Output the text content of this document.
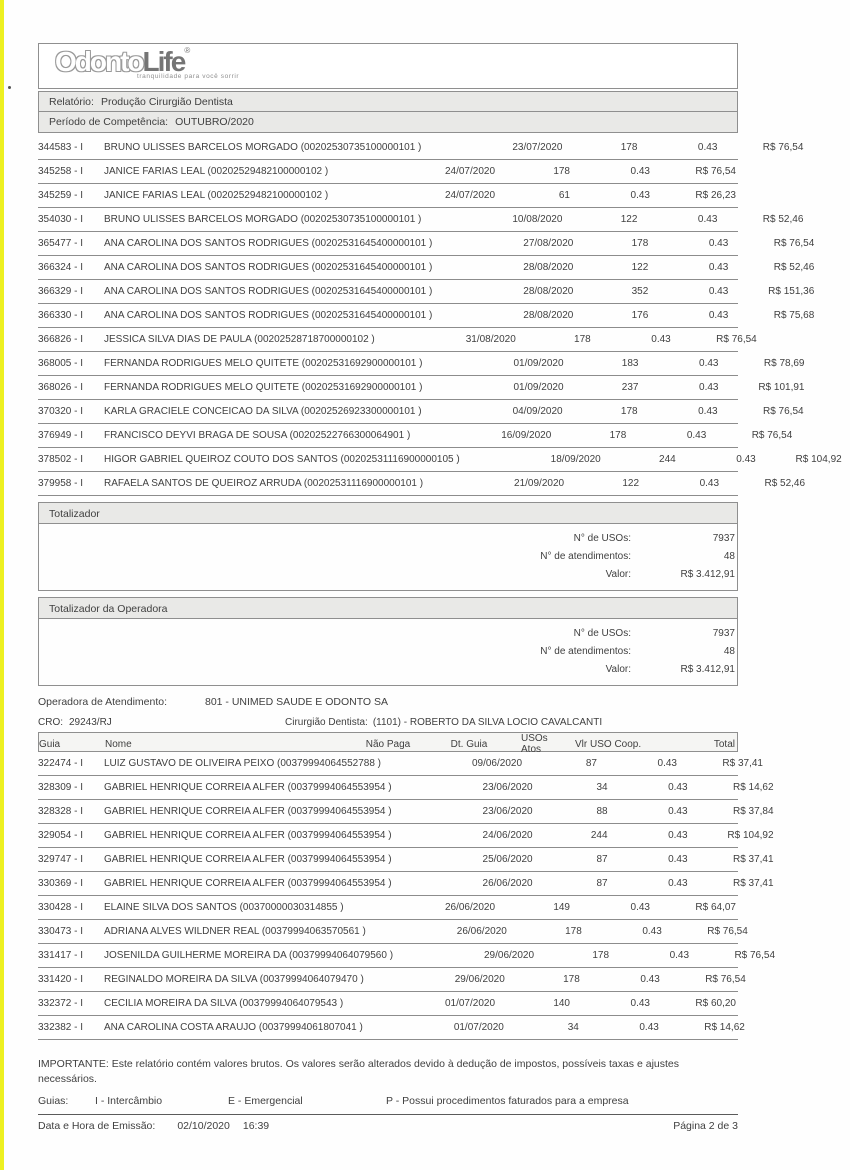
OdontoLife®
tranquilidade para você sorrir
Relatório: Produção Cirurgião Dentista
Período de Competência: OUTUBRO/2020
344583 - I	BRUNO ULISSES BARCELOS MORGADO (00202530735100000101 )	23/07/2020	178	0.43	R$ 76,54
345258 - I	JANICE FARIAS LEAL (00202529482100000102 )	24/07/2020	178	0.43	R$ 76,54
345259 - I	JANICE FARIAS LEAL (00202529482100000102 )	24/07/2020	61	0.43	R$ 26,23
354030 - I	BRUNO ULISSES BARCELOS MORGADO (00202530735100000101 )	10/08/2020	122	0.43	R$ 52,46
365477 - I	ANA CAROLINA DOS SANTOS RODRIGUES (00202531645400000101 )	27/08/2020	178	0.43	R$ 76,54
366324 - I	ANA CAROLINA DOS SANTOS RODRIGUES (00202531645400000101 )	28/08/2020	122	0.43	R$ 52,46
366329 - I	ANA CAROLINA DOS SANTOS RODRIGUES (00202531645400000101 )	28/08/2020	352	0.43	R$ 151,36
366330 - I	ANA CAROLINA DOS SANTOS RODRIGUES (00202531645400000101 )	28/08/2020	176	0.43	R$ 75,68
366826 - I	JESSICA SILVA DIAS DE PAULA (00202528718700000102 )	31/08/2020	178	0.43	R$ 76,54
368005 - I	FERNANDA RODRIGUES MELO QUITETE (00202531692900000101 )	01/09/2020	183	0.43	R$ 78,69
368026 - I	FERNANDA RODRIGUES MELO QUITETE (00202531692900000101 )	01/09/2020	237	0.43	R$ 101,91
370320 - I	KARLA GRACIELE CONCEICAO DA SILVA (00202526923300000101 )	04/09/2020	178	0.43	R$ 76,54
376949 - I	FRANCISCO DEYVI BRAGA DE SOUSA (00202522766300064901 )	16/09/2020	178	0.43	R$ 76,54
378502 - I	HIGOR GABRIEL QUEIROZ COUTO DOS SANTOS (00202531116900000105 )	18/09/2020	244	0.43	R$ 104,92
379958 - I	RAFAELA SANTOS DE QUEIROZ ARRUDA (00202531116900000101 )	21/09/2020	122	0.43	R$ 52,46
Totalizador
N° de USOs:	7937
N° de atendimentos:	48
Valor:	R$ 3.412,91
Totalizador da Operadora
N° de USOs:	7937
N° de atendimentos:	48
Valor:	R$ 3.412,91
Operadora de Atendimento:	801 - UNIMED SAUDE E ODONTO SA
CRO: 29243/RJ	Cirurgião Dentista: (1101) - ROBERTO DA SILVA LOCIO CAVALCANTI
Guia	Nome	Não Paga	Dt. Guia	USOs Atos	Vlr USO Coop.	Total
322474 - I	LUIZ GUSTAVO DE OLIVEIRA PEIXO (00379994064552788 )	09/06/2020	87	0.43	R$ 37,41
328309 - I	GABRIEL HENRIQUE CORREIA ALFER (00379994064553954 )	23/06/2020	34	0.43	R$ 14,62
328328 - I	GABRIEL HENRIQUE CORREIA ALFER (00379994064553954 )	23/06/2020	88	0.43	R$ 37,84
329054 - I	GABRIEL HENRIQUE CORREIA ALFER (00379994064553954 )	24/06/2020	244	0.43	R$ 104,92
329747 - I	GABRIEL HENRIQUE CORREIA ALFER (00379994064553954 )	25/06/2020	87	0.43	R$ 37,41
330369 - I	GABRIEL HENRIQUE CORREIA ALFER (00379994064553954 )	26/06/2020	87	0.43	R$ 37,41
330428 - I	ELAINE SILVA DOS SANTOS (00370000030314855 )	26/06/2020	149	0.43	R$ 64,07
330473 - I	ADRIANA ALVES WILDNER REAL (00379994063570561 )	26/06/2020	178	0.43	R$ 76,54
331417 - I	JOSENILDA GUILHERME MOREIRA DA (00379994064079560 )	29/06/2020	178	0.43	R$ 76,54
331420 - I	REGINALDO MOREIRA DA SILVA (00379994064079470 )	29/06/2020	178	0.43	R$ 76,54
332372 - I	CECILIA MOREIRA DA SILVA (00379994064079543 )	01/07/2020	140	0.43	R$ 60,20
332382 - I	ANA CAROLINA COSTA ARAUJO (00379994061807041 )	01/07/2020	34	0.43	R$ 14,62
IMPORTANTE: Este relatório contém valores brutos. Os valores serão alterados devido à dedução de impostos, possíveis taxas e ajustes necessários.
Guias:	I - Intercâmbio	E - Emergencial	P - Possui procedimentos faturados para a empresa
Data e Hora de Emissão: 02/10/2020 16:39	Página 2 de 3
